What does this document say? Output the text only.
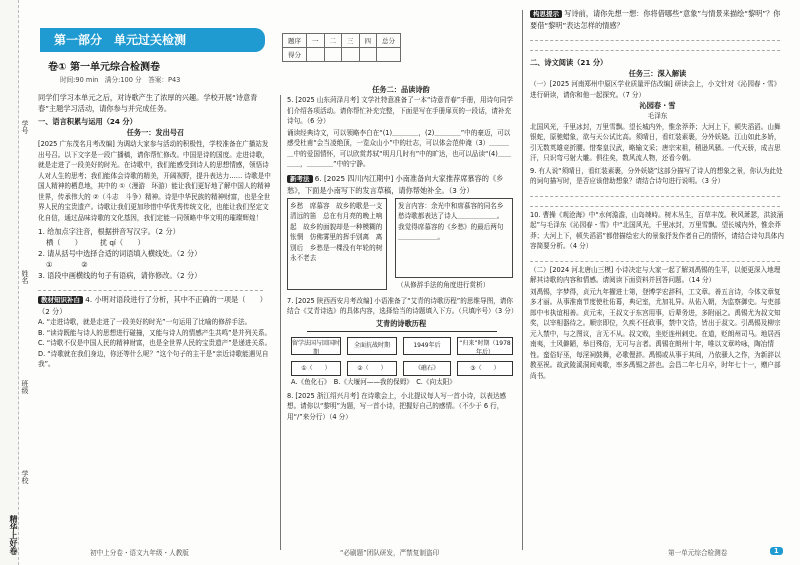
学号
姓名
班级
学校
精华上好卷
第一部分　单元过关检测
卷① 第一单元综合检测卷
时间:90 min　满分:100 分　答案：P43
题序	一	二	三	四	总分
得分					
同学们学习本单元之后，对诗歌产生了浓厚的兴趣。学校开展“诗意青春”主题学习活动，请你参与并完成任务。
一、语言积累与运用（24 分）
任务一：发出号召
[2025 广东茂名月考改编] 为调动大家参与活动的积极性，学校准备在广播站发出号召。以下文字是一段广播稿，请你帮忙修改。中国是诗的国度。走进诗歌，就是走进了一段美好的时光。在诗歌中，我们能感受到诗人的思想情感，领悟诗人对人生的思考；我们能体会诗歌的精美，开阔视野，提升表达力…… 诗歌是中国人精神的栖息地，其中的 ①（漫游　环游）能让我们更好地了解中国人的精神世界，传承伟大的 ②（斗志　斗争）精神。诗是中华民族的精神财富，也是全世界人民的宝贵遗产。诗歌让我们更加珍惜中华优秀传统文化，也能让我们坚定文化自信，通过品味诗歌的文化基因，我们定能一同领略中华文明的璀璨辉煌！
1. 给加点字注音，根据拼音写汉字。（2 分）
栖（　　）　　　扰 qí（　　）
2. 请从括号中选择合适的词语填入横线处。（2 分）
①　　　　②
3. 语段中画横线的句子有语病，请你修改。（2 分）
教材知识补白 4. 小明对语段进行了分析，其中不正确的一项是（　　）（2 分）
A. “走进诗歌，就是走进了一段美好的时光”一句运用了比喻的修辞手法。
B. “读诗既能与诗人的思想进行碰撞，又能与诗人的情感产生共鸣”是并列关系。
C. “诗歌不仅是中国人民的精神财富，也是全世界人民的宝贵遗产”是递进关系。
D. “诗歌就在我们身边，你还等什么呢？”这个句子的主干是“亲近诗歌能遇见自我”。
初中上分卷・语文九年级・人教版
任务二：品读诗韵
5. [2025 山东菏泽月考] 文学社特意准备了一本“诗意青春”手册，用诗句同学们介绍各项活动。请你帮忙补充完整，下面是写在手册扉页的一段话，请补充诗句。（6 分）
诵读经典诗文，可以领略李白在“(1)＿＿＿＿，(2)＿＿＿＿”中的豪迈，可以感受杜甫“会当凌绝顶，一览众山小”中的壮志，可以体会范仲淹（3）＿＿＿＿中的爱国情怀，可以欣赏苏轼“明月几时有”中的旷达，也可以品读“(4)＿＿＿＿，＿＿＿＿”中的宁静。
新考法 6. [2025 四川内江期中] 小南准备向大家推荐席慕容的《乡愁》，下面是小南写下的发言草稿，请你帮她补全。（3 分）
乡愁　席慕容　故乡的歌是一支清远的笛　总在有月亮的晚上响起　故乡的面貌却是一种模糊的怅惘　仿佛雾里的挥手别离　离别后　乡愁是一棵没有年轮的树　永不老去
发言内容：余光中和席慕容的同名乡愁诗歌都表达了诗人＿＿＿＿＿＿。我觉得席慕容的《乡愁》的最后两句＿＿＿＿＿＿。
（从修辞手法的角度进行赏析）
7. [2025 陕西西安月考改编] 小语准备了“艾青的诗歌历程”的思维导图，请你结合《艾青诗选》的具体内容，选择恰当的诗题填入下方。（只填序号）（3 分）
艾青的诗歌历程
留学法国与回国时期
全面抗战时期	1949年后	“归来”时期（1978年后）
①（　　）	②（　　）	《礁石》	③（　　）
A.《鱼化石》　B.《大堰河——我的保姆》　C.《向太阳》
8. [2025 浙江绍兴月考] 在诗歌会上，小北提议每人写一首小诗，以表达感想。请你以“黎明”为题，写一首小诗，把握好自己的感情。（不少于 6 行，用“/”来分行）（4 分）
“必刷题”团队研发，严禁复制盗印
构思提示 写诗前，请你先想一想：你将借哪些“意象”与情景来描绘“黎明”？你要借“黎明”表达怎样的情感？
二、诗文阅读（21 分）
任务三：深入解读
（一）[2025 河南郑州中原区学业质量评估改编] 研读会上，小文针对《沁园春・雪》进行研读，请你和他一起探究。（7 分）
沁园春・雪
毛泽东
北国风光，千里冰封，万里雪飘。望长城内外，惟余莽莽；大河上下，顿失滔滔。山舞银蛇，原驰蜡象，欲与天公试比高。须晴日，看红装素裹，分外妖娆。江山如此多娇，引无数英雄竞折腰。惜秦皇汉武，略输文采；唐宗宋祖，稍逊风骚。一代天骄，成吉思汗，只识弯弓射大雕。俱往矣，数风流人物，还看今朝。
9. 有人说“须晴日，看红装素裹，分外妖娆”这部分描写了诗人的想象之景，你认为此处的词句描写时，是否应该借助想象？请结合诗句进行说明。（3 分）
10. 曹操《观沧海》中“水何澹澹，山岛竦峙。树木丛生，百草丰茂。秋风萧瑟，洪波涌起”与毛泽东《沁园春・雪》中“北国风光，千里冰封，万里雪飘。望长城内外，惟余莽莽；大河上下，顿失滔滔”都借描绘宏大的景象抒发作者自己的情怀，请结合诗句具体内容简要分析。（4 分）
（二）[2024 河北唐山三模] 小诗决定与大家一起了解刘禹锡的生平，以便更深入地理解其诗歌的内容和情感。请阅读下面资料并回答问题。（14 分）
刘禹锡，字梦得，贞元九年擢进士第，登博学宏辞科，工文章。善五言诗，今体文章复多才丽。从事淮南节度使杜佑幕，典记室，尤加礼异。从佑入朝，为监察御史。与吏部郎中韦执谊相善。贞元末，王叔文于东宫用事，后辈务进，多附丽之。禹锡尤为叔文知奖，以宰相器待之。顺宗即位，久疾不任政事，禁中文诰，皆出于叔文。引禹锡及柳宗元入禁中，与之图议，言无不从。叔文败，坐贬连州刺史。在道，贬朗州司马。地居西南夷，土风僻陋，举目殊俗，无可与言者。禹锡在朗州十年，唯以文章吟咏，陶冶情性。蛮俗好巫，每淫祠鼓舞，必歌俚辞。禹锡或从事于其间，乃依骚人之作，为新辞以教巫祝。故武陵溪洞间夷歌，率多禹锡之辞也。会昌二年七月卒，时年七十一，赠户部尚书。
第一单元综合检测卷	1
